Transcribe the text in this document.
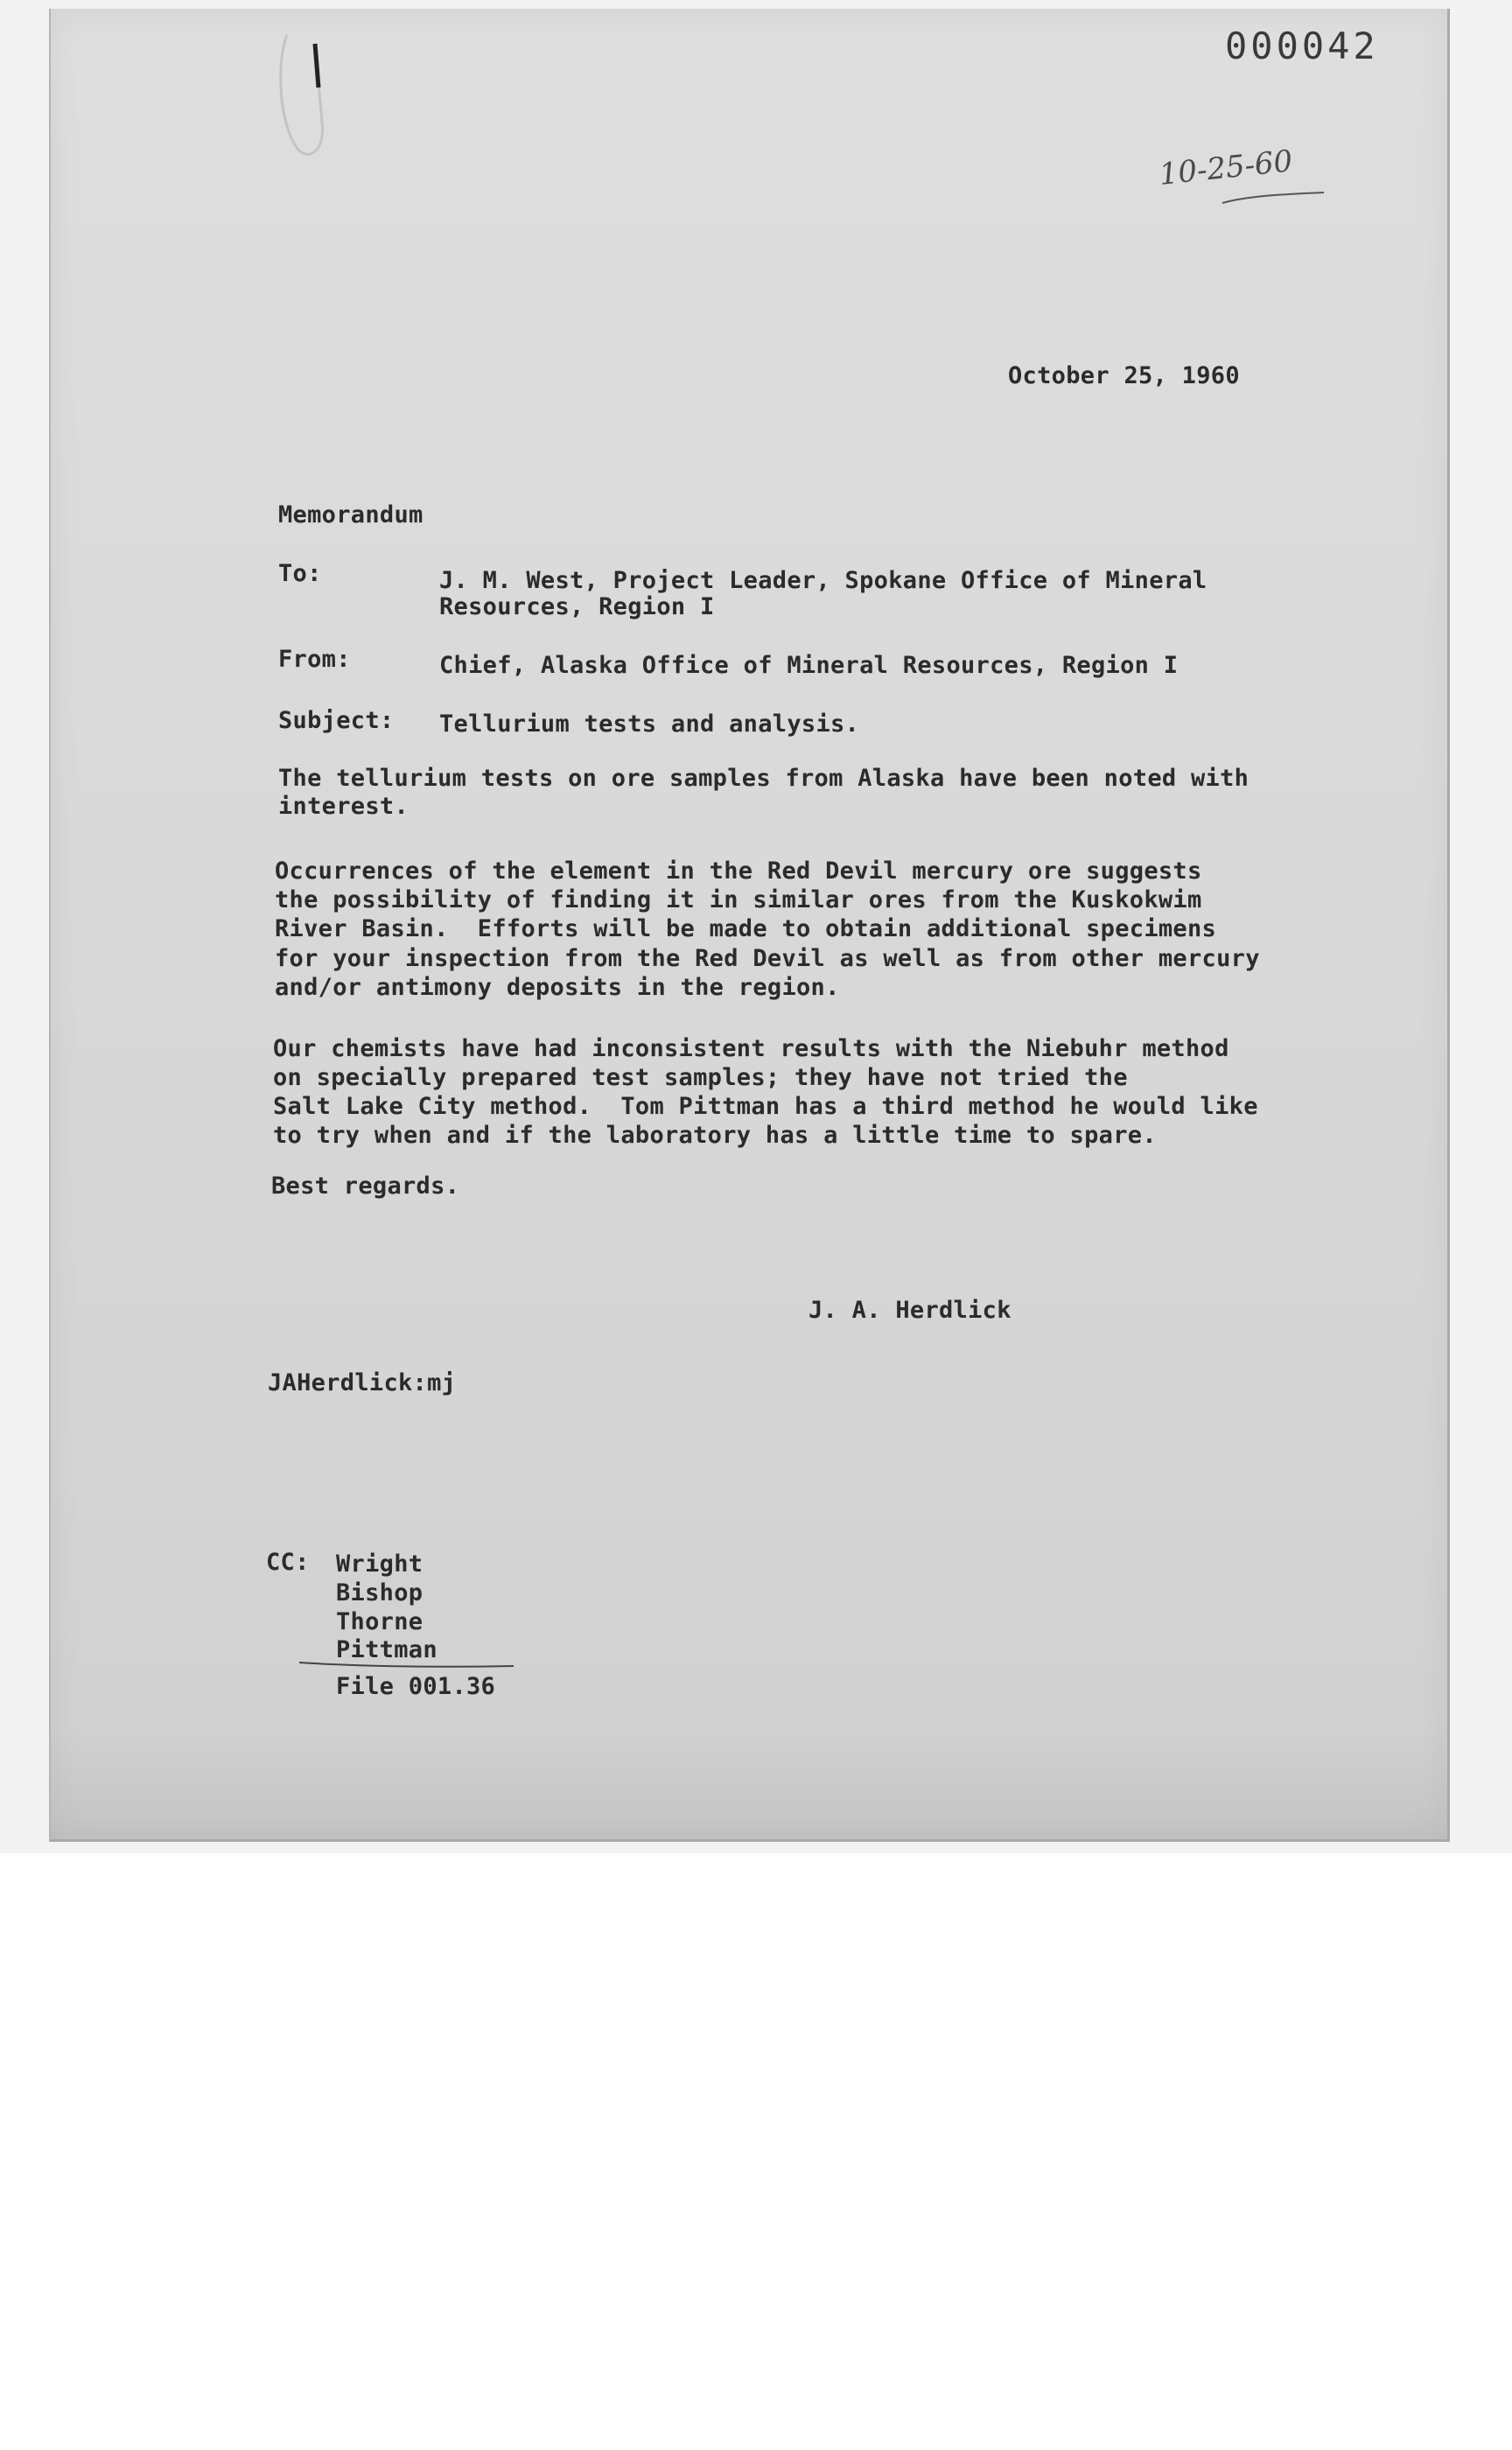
000042
10-25-60
October 25, 1960
Memorandum
To:	J. M. West, Project Leader, Spokane Office of Mineral
Resources, Region I
From:	Chief, Alaska Office of Mineral Resources, Region I
Subject: Tellurium tests and analysis.
The tellurium tests on ore samples from Alaska have been noted with
interest.
Occurrences of the element in the Red Devil mercury ore suggests
the possibility of finding it in similar ores from the Kuskokwim
River Basin.  Efforts will be made to obtain additional specimens
for your inspection from the Red Devil as well as from other mercury
and/or antimony deposits in the region.
Our chemists have had inconsistent results with the Niebuhr method
on specially prepared test samples; they have not tried the
Salt Lake City method.  Tom Pittman has a third method he would like
to try when and if the laboratory has a little time to spare.
Best regards.
J. A. Herdlick
JAHerdlick:mj
CC: Wright
Bishop
Thorne
Pittman
File 001.36
